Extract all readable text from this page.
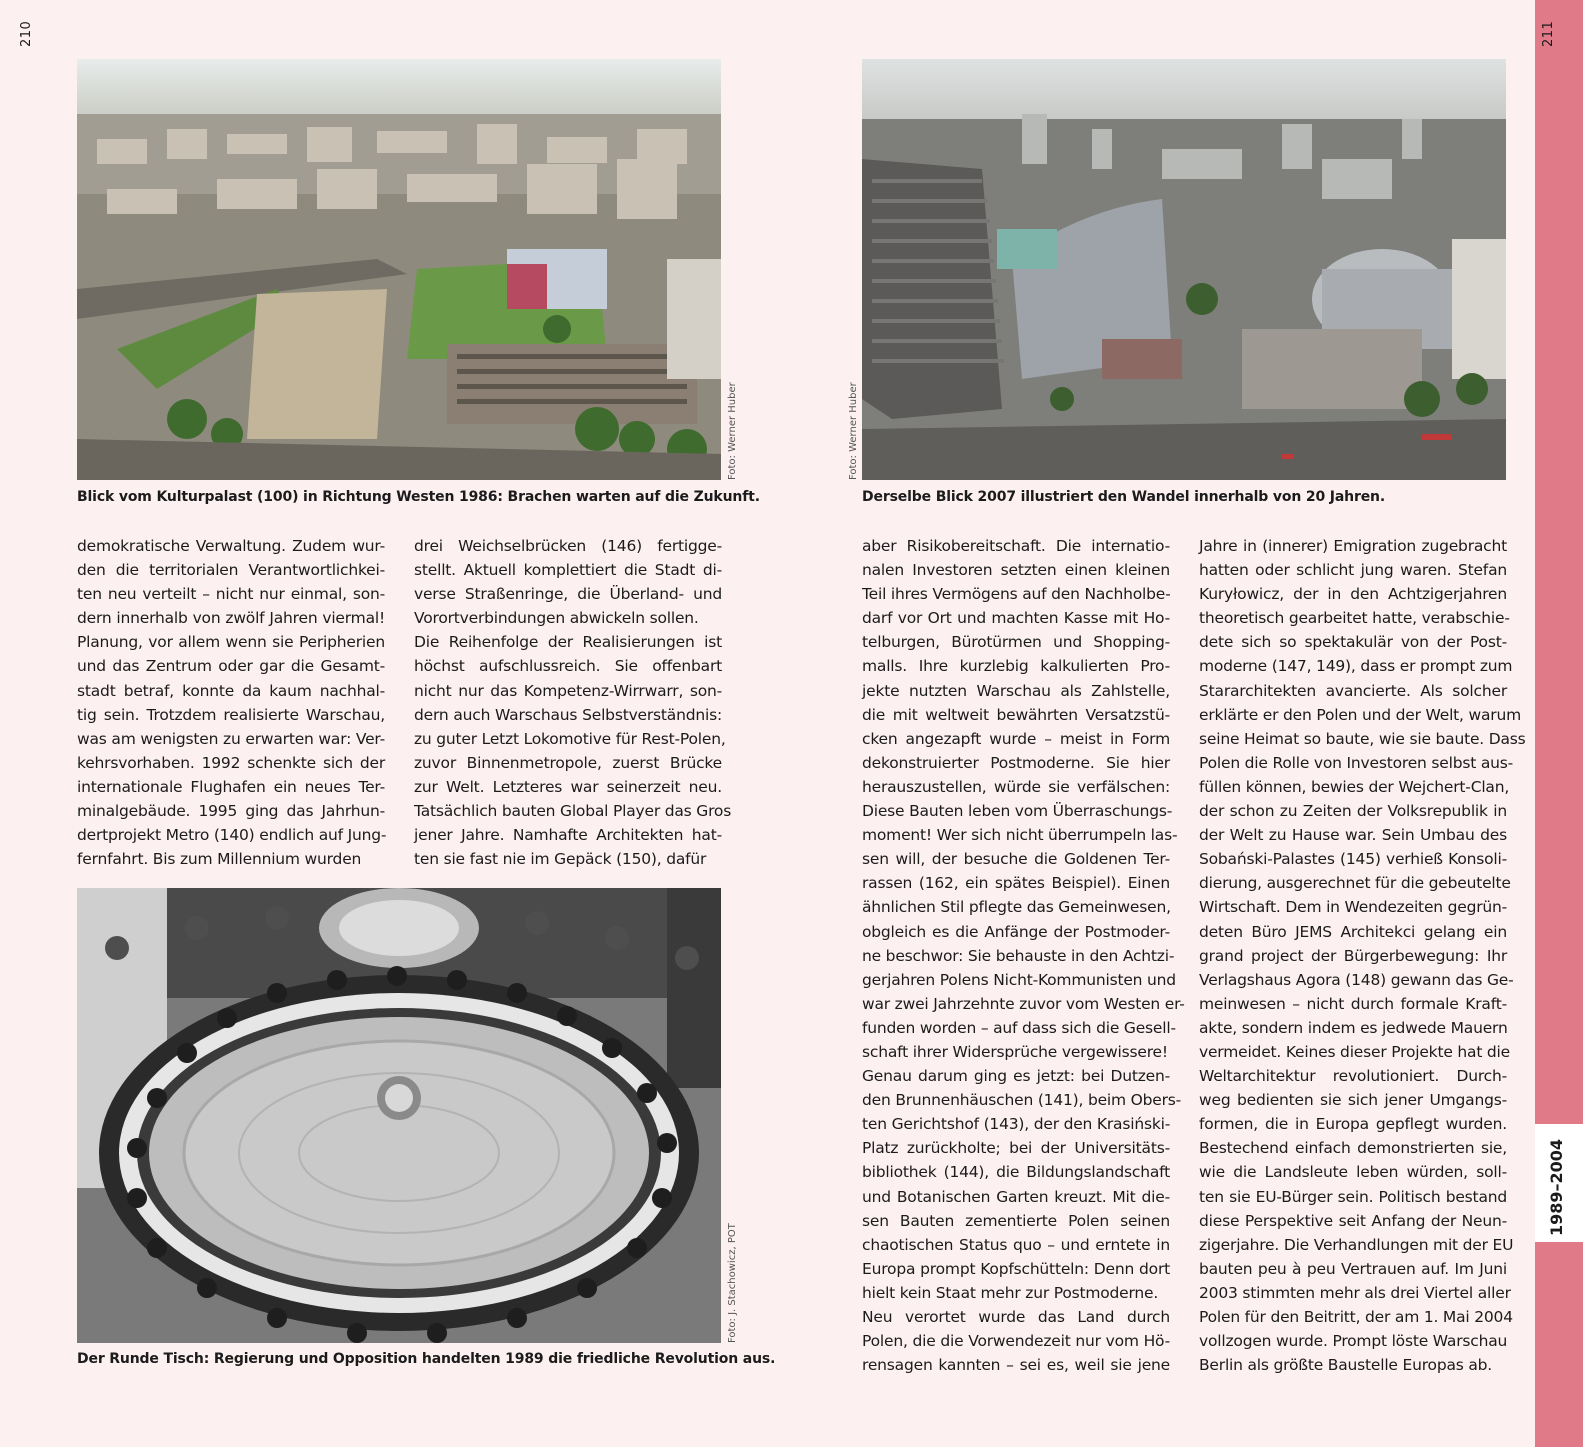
210	211
1989–2004
Foto: Werner Huber
Blick vom Kulturpalast (100) in Richtung Westen 1986: Brachen warten auf die Zukunft.
Foto: Werner Huber
Derselbe Blick 2007 illustriert den Wandel innerhalb von 20 Jahren.
Foto: J. Stachowicz, POT
Der Runde Tisch: Regierung und Opposition handelten 1989 die friedliche Revolution aus.
demokratische Verwaltung. Zudem wur-
den die territorialen Verantwortlichkei-
ten neu verteilt – nicht nur einmal, son-
dern innerhalb von zwölf Jahren viermal!
Planung, vor allem wenn sie Peripherien
und das Zentrum oder gar die Gesamt-
stadt betraf, konnte da kaum nachhal-
tig sein. Trotzdem realisierte Warschau,
was am wenigsten zu erwarten war: Ver-
kehrsvorhaben. 1992 schenkte sich der
internationale Flughafen ein neues Ter-
minalgebäude. 1995 ging das Jahrhun-
dertprojekt Metro (140) endlich auf Jung-
fernfahrt. Bis zum Millennium wurden
drei Weichselbrücken (146) fertigge-
stellt. Aktuell komplettiert die Stadt di-
verse Straßenringe, die Überland- und
Vorortverbindungen abwickeln sollen.
Die Reihenfolge der Realisierungen ist
höchst aufschlussreich. Sie offenbart
nicht nur das Kompetenz-Wirrwarr, son-
dern auch Warschaus Selbstverständnis:
zu guter Letzt Lokomotive für Rest-Polen,
zuvor Binnenmetropole, zuerst Brücke
zur Welt. Letzteres war seinerzeit neu.
Tatsächlich bauten Global Player das Gros
jener Jahre. Namhafte Architekten hat-
ten sie fast nie im Gepäck (150), dafür
aber Risikobereitschaft. Die internatio-
nalen Investoren setzten einen kleinen
Teil ihres Vermögens auf den Nachholbe-
darf vor Ort und machten Kasse mit Ho-
telburgen, Bürotürmen und Shopping-
malls. Ihre kurzlebig kalkulierten Pro-
jekte nutzten Warschau als Zahlstelle,
die mit weltweit bewährten Versatzstü-
cken angezapft wurde – meist in Form
dekonstruierter Postmoderne. Sie hier
herauszustellen, würde sie verfälschen:
Diese Bauten leben vom Überraschungs-
moment! Wer sich nicht überrumpeln las-
sen will, der besuche die Goldenen Ter-
rassen (162, ein spätes Beispiel). Einen
ähnlichen Stil pflegte das Gemeinwesen,
obgleich es die Anfänge der Postmoder-
ne beschwor: Sie behauste in den Achtzi-
gerjahren Polens Nicht-Kommunisten und
war zwei Jahrzehnte zuvor vom Westen er-
funden worden – auf dass sich die Gesell-
schaft ihrer Widersprüche vergewissere!
Genau darum ging es jetzt: bei Dutzen-
den Brunnenhäuschen (141), beim Obers-
ten Gerichtshof (143), der den Krasiński-
Platz zurückholte; bei der Universitäts-
bibliothek (144), die Bildungslandschaft
und Botanischen Garten kreuzt. Mit die-
sen Bauten zementierte Polen seinen
chaotischen Status quo – und erntete in
Europa prompt Kopfschütteln: Denn dort
hielt kein Staat mehr zur Postmoderne.
Neu verortet wurde das Land durch
Polen, die die Vorwendezeit nur vom Hö-
rensagen kannten – sei es, weil sie jene
Jahre in (innerer) Emigration zugebracht
hatten oder schlicht jung waren. Stefan
Kuryłowicz, der in den Achtzigerjahren
theoretisch gearbeitet hatte, verabschie-
dete sich so spektakulär von der Post-
moderne (147, 149), dass er prompt zum
Stararchitekten avancierte. Als solcher
erklärte er den Polen und der Welt, warum
seine Heimat so baute, wie sie baute. Dass
Polen die Rolle von Investoren selbst aus-
füllen können, bewies der Wejchert-Clan,
der schon zu Zeiten der Volksrepublik in
der Welt zu Hause war. Sein Umbau des
Sobański-Palastes (145) verhieß Konsoli-
dierung, ausgerechnet für die gebeutelte
Wirtschaft. Dem in Wendezeiten gegrün-
deten Büro JEMS Architekci gelang ein
grand project der Bürgerbewegung: Ihr
Verlagshaus Agora (148) gewann das Ge-
meinwesen – nicht durch formale Kraft-
akte, sondern indem es jedwede Mauern
vermeidet. Keines dieser Projekte hat die
Weltarchitektur revolutioniert. Durch-
weg bedienten sie sich jener Umgangs-
formen, die in Europa gepflegt wurden.
Bestechend einfach demonstrierten sie,
wie die Landsleute leben würden, soll-
ten sie EU-Bürger sein. Politisch bestand
diese Perspektive seit Anfang der Neun-
zigerjahre. Die Verhandlungen mit der EU
bauten peu à peu Vertrauen auf. Im Juni
2003 stimmten mehr als drei Viertel aller
Polen für den Beitritt, der am 1. Mai 2004
vollzogen wurde. Prompt löste Warschau
Berlin als größte Baustelle Europas ab.
